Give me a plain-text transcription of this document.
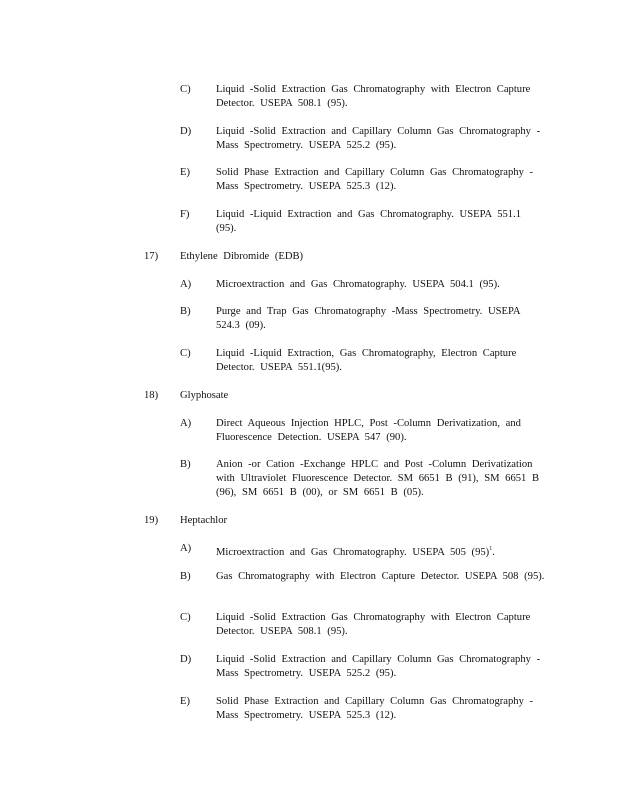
C) Liquid -Solid Extraction Gas Chromatography with Electron Capture Detector. USEPA 508.1 (95).
D) Liquid -Solid Extraction and Capillary Column Gas Chromatography -Mass Spectrometry. USEPA 525.2 (95).
E) Solid Phase Extraction and Capillary Column Gas Chromatography -Mass Spectrometry. USEPA 525.3 (12).
F)	Liquid -Liquid Extraction and Gas Chromatography. USEPA 551.1 (95).
17) Ethylene Dibromide (EDB)
A) Microextraction and Gas Chromatography. USEPA 504.1 (95).
B) Purge and Trap Gas Chromatography -Mass Spectrometry. USEPA 524.3 (09).
C) Liquid -Liquid Extraction, Gas Chromatography, Electron Capture Detector. USEPA 551.1(95).
18) Glyphosate
A) Direct Aqueous Injection HPLC, Post -Column Derivatization, and Fluorescence Detection. USEPA 547 (90).
B) Anion -or Cation -Exchange HPLC and Post -Column Derivatization with Ultraviolet Fluorescence Detector. SM 6651 B (91), SM 6651 B (96), SM 6651 B (00), or SM 6651 B (05).
19) Heptachlor
A) Microextraction and Gas Chromatography. USEPA 505 $(95)^1$.
B) Gas Chromatography with Electron Capture Detector. USEPA 508 (95).
C) Liquid -Solid Extraction Gas Chromatography with Electron Capture Detector. USEPA 508.1 (95).
D) Liquid -Solid Extraction and Capillary Column Gas Chromatography -Mass Spectrometry. USEPA 525.2 (95).
E) Solid Phase Extraction and Capillary Column Gas Chromatography -Mass Spectrometry. USEPA 525.3 (12).
